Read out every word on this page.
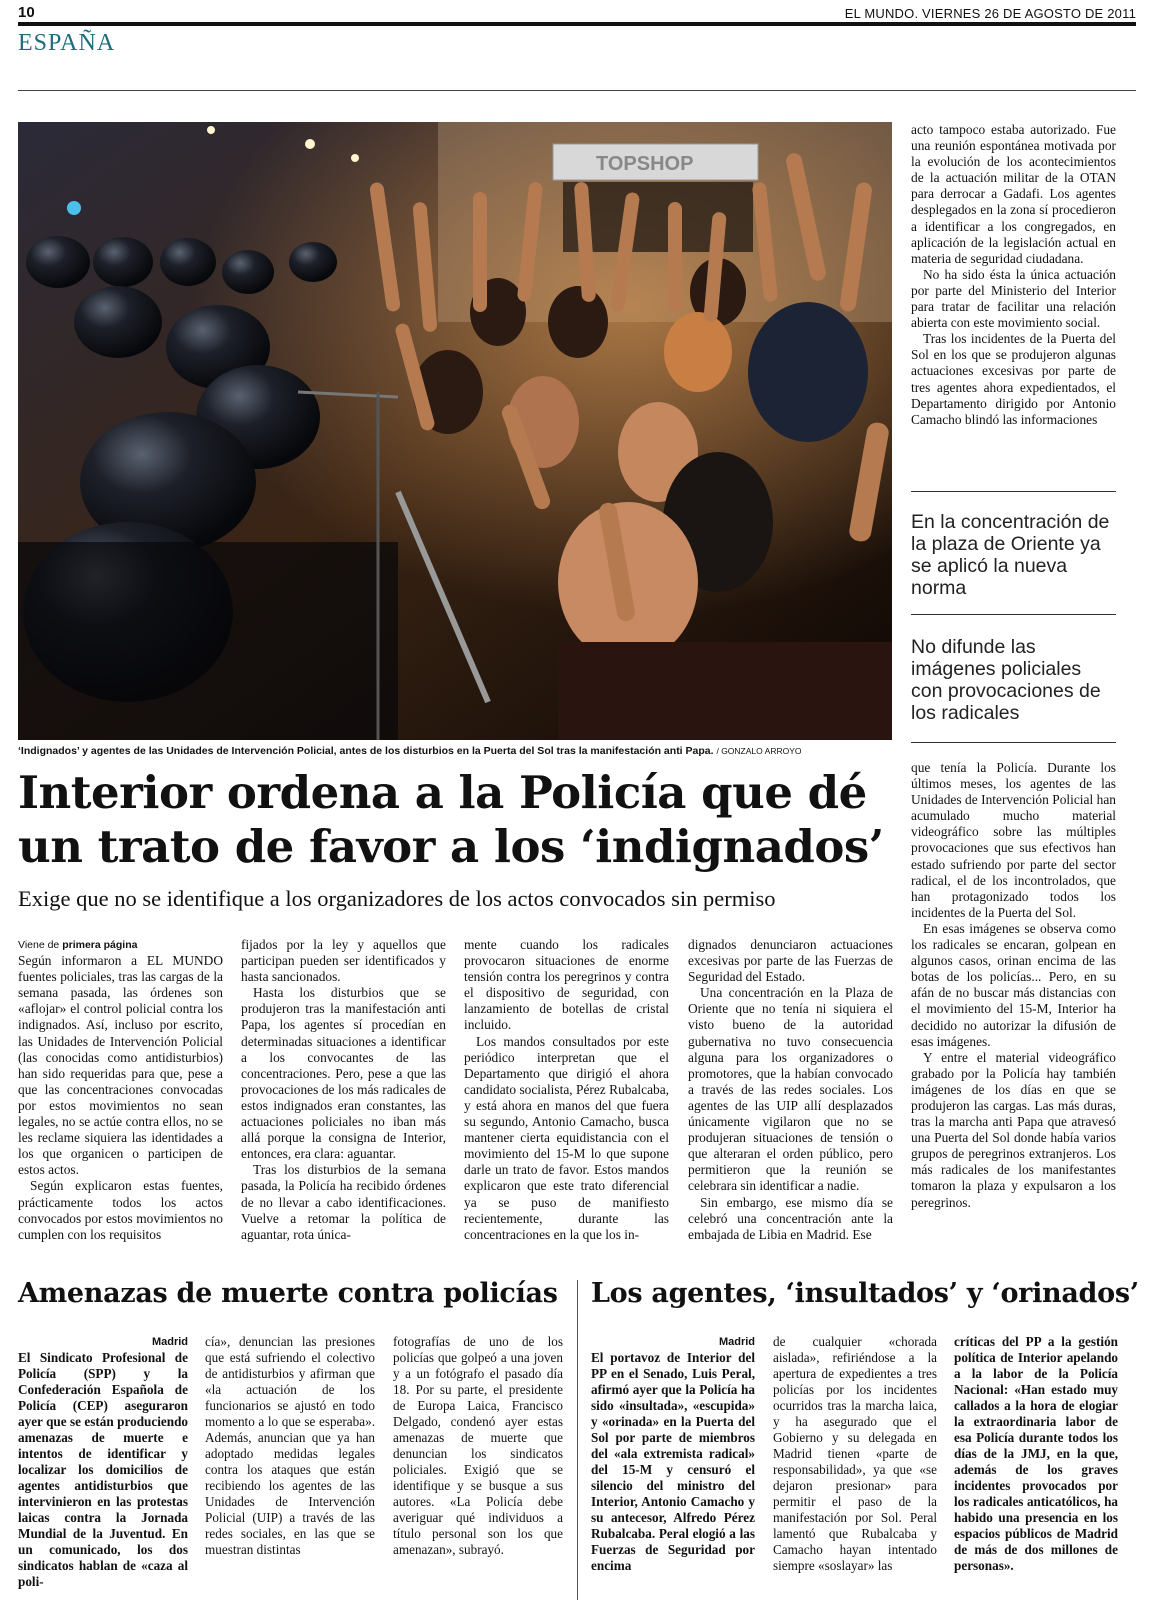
10	EL MUNDO. VIERNES 26 DE AGOSTO DE 2011
ESPAÑA
TOPSHOP
‘Indignados’ y agentes de las Unidades de Intervención Policial, antes de los disturbios en la Puerta del Sol tras la manifestación anti Papa. / GONZALO ARROYO
Interior ordena a la Policía que dé un trato de favor a los ‘indignados’
Exige que no se identifique a los organizadores de los actos convocados sin permiso
Viene de primera página

Según informaron a EL MUNDO fuentes policiales, tras las cargas de la semana pasada, las órdenes son «aflojar» el control policial contra los indignados. Así, incluso por escrito, las Unidades de Intervención Policial (las conocidas como antidisturbios) han sido requeridas para que, pese a que las concentraciones convocadas por estos movimientos no sean legales, no se actúe contra ellos, no se les reclame siquiera las identidades a los que organicen o participen de estos actos.

Según explicaron estas fuentes, prácticamente todos los actos convocados por estos movimientos no cumplen con los requisitos

fijados por la ley y aquellos que participan pueden ser identificados y hasta sancionados.

Hasta los disturbios que se produjeron tras la manifestación anti Papa, los agentes sí procedían en determinadas situaciones a identificar a los convocantes de las concentraciones. Pero, pese a que las provocaciones de los más radicales de estos indignados eran constantes, las actuaciones policiales no iban más allá porque la consigna de Interior, entonces, era clara: aguantar.

Tras los disturbios de la semana pasada, la Policía ha recibido órdenes de no llevar a cabo identificaciones. Vuelve a retomar la política de aguantar, rota única-

mente cuando los radicales provocaron situaciones de enorme tensión contra los peregrinos y contra el dispositivo de seguridad, con lanzamiento de botellas de cristal incluido.

Los mandos consultados por este periódico interpretan que el Departamento que dirigió el ahora candidato socialista, Pérez Rubalcaba, y está ahora en manos del que fuera su segundo, Antonio Camacho, busca mantener cierta equidistancia con el movimiento del 15-M lo que supone darle un trato de favor. Estos mandos explicaron que este trato diferencial ya se puso de manifiesto recientemente, durante las concentraciones en la que los in-

dignados denunciaron actuaciones excesivas por parte de las Fuerzas de Seguridad del Estado.

Una concentración en la Plaza de Oriente que no tenía ni siquiera el visto bueno de la autoridad gubernativa no tuvo consecuencia alguna para los organizadores o promotores, que la habían convocado a través de las redes sociales. Los agentes de las UIP allí desplazados únicamente vigilaron que no se produjeran situaciones de tensión o que alteraran el orden público, pero permitieron que la reunión se celebrara sin identificar a nadie.

Sin embargo, ese mismo día se celebró una concentración ante la embajada de Libia en Madrid. Ese

acto tampoco estaba autorizado. Fue una reunión espontánea motivada por la evolución de los acontecimientos de la actuación militar de la OTAN para derrocar a Gadafi. Los agentes desplegados en la zona sí procedieron a identificar a los congregados, en aplicación de la legislación actual en materia de seguridad ciudadana.

No ha sido ésta la única actuación por parte del Ministerio del Interior para tratar de facilitar una relación abierta con este movimiento social.

Tras los incidentes de la Puerta del Sol en los que se produjeron algunas actuaciones excesivas por parte de tres agentes ahora expedientados, el Departamento dirigido por Antonio Camacho blindó las informaciones

En la concentración de la plaza de Oriente ya se aplicó la nueva norma
No difunde las imágenes policiales con provocaciones de los radicales

que tenía la Policía. Durante los últimos meses, los agentes de las Unidades de Intervención Policial han acumulado mucho material videográfico sobre las múltiples provocaciones que sus efectivos han estado sufriendo por parte del sector radical, el de los incontrolados, que han protagonizado todos los incidentes de la Puerta del Sol.

En esas imágenes se observa como los radicales se encaran, golpean en algunos casos, orinan encima de las botas de los policías... Pero, en su afán de no buscar más distancias con el movimiento del 15-M, Interior ha decidido no autorizar la difusión de esas imágenes.

Y entre el material videográfico grabado por la Policía hay también imágenes de los días en que se produjeron las cargas. Las más duras, tras la marcha anti Papa que atravesó una Puerta del Sol donde había varios grupos de peregrinos extranjeros. Los más radicales de los manifestantes tomaron la plaza y expulsaron a los peregrinos.

Amenazas de muerte contra policías
Madrid
El Sindicato Profesional de Policía (SPP) y la Confederación Española de Policía (CEP) aseguraron ayer que se están produciendo amenazas de muerte e intentos de identificar y localizar los domicilios de agentes antidisturbios que intervinieron en las protestas laicas contra la Jornada Mundial de la Juventud. En un comunicado, los dos sindicatos hablan de «caza al poli-
cía», denuncian las presiones que está sufriendo el colectivo de antidisturbios y afirman que «la actuación de los funcionarios se ajustó en todo momento a lo que se esperaba». Además, anuncian que ya han adoptado medidas legales contra los ataques que están recibiendo los agentes de las Unidades de Intervención Policial (UIP) a través de las redes sociales, en las que se muestran distintas
fotografías de uno de los policías que golpeó a una joven y a un fotógrafo el pasado día 18. Por su parte, el presidente de Europa Laica, Francisco Delgado, condenó ayer estas amenazas de muerte que denuncian los sindicatos policiales. Exigió que se identifique y se busque a sus autores. «La Policía debe averiguar qué individuos a título personal son los que amenazan», subrayó.
Los agentes, ‘insultados’ y ‘orinados’
Madrid
El portavoz de Interior del PP en el Senado, Luis Peral, afirmó ayer que la Policía ha sido «insultada», «escupida» y «orinada» en la Puerta del Sol por parte de miembros del «ala extremista radical» del 15-M y censuró el silencio del ministro del Interior, Antonio Camacho y su antecesor, Alfredo Pérez Rubalcaba. Peral elogió a las Fuerzas de Seguridad por encima
de cualquier «chorada aislada», refiriéndose a la apertura de expedientes a tres policías por los incidentes ocurridos tras la marcha laica, y ha asegurado que el Gobierno y su delegada en Madrid tienen «parte de responsabilidad», ya que «se dejaron presionar» para permitir el paso de la manifestación por Sol. Peral lamentó que Rubalcaba y Camacho hayan intentado siempre «soslayar» las
críticas del PP a la gestión política de Interior apelando a la labor de la Policía Nacional: «Han estado muy callados a la hora de elogiar la extraordinaria labor de esa Policía durante todos los días de la JMJ, en la que, además de los graves incidentes provocados por los radicales anticatólicos, ha habido una presencia en los espacios públicos de Madrid de más de dos millones de personas».
